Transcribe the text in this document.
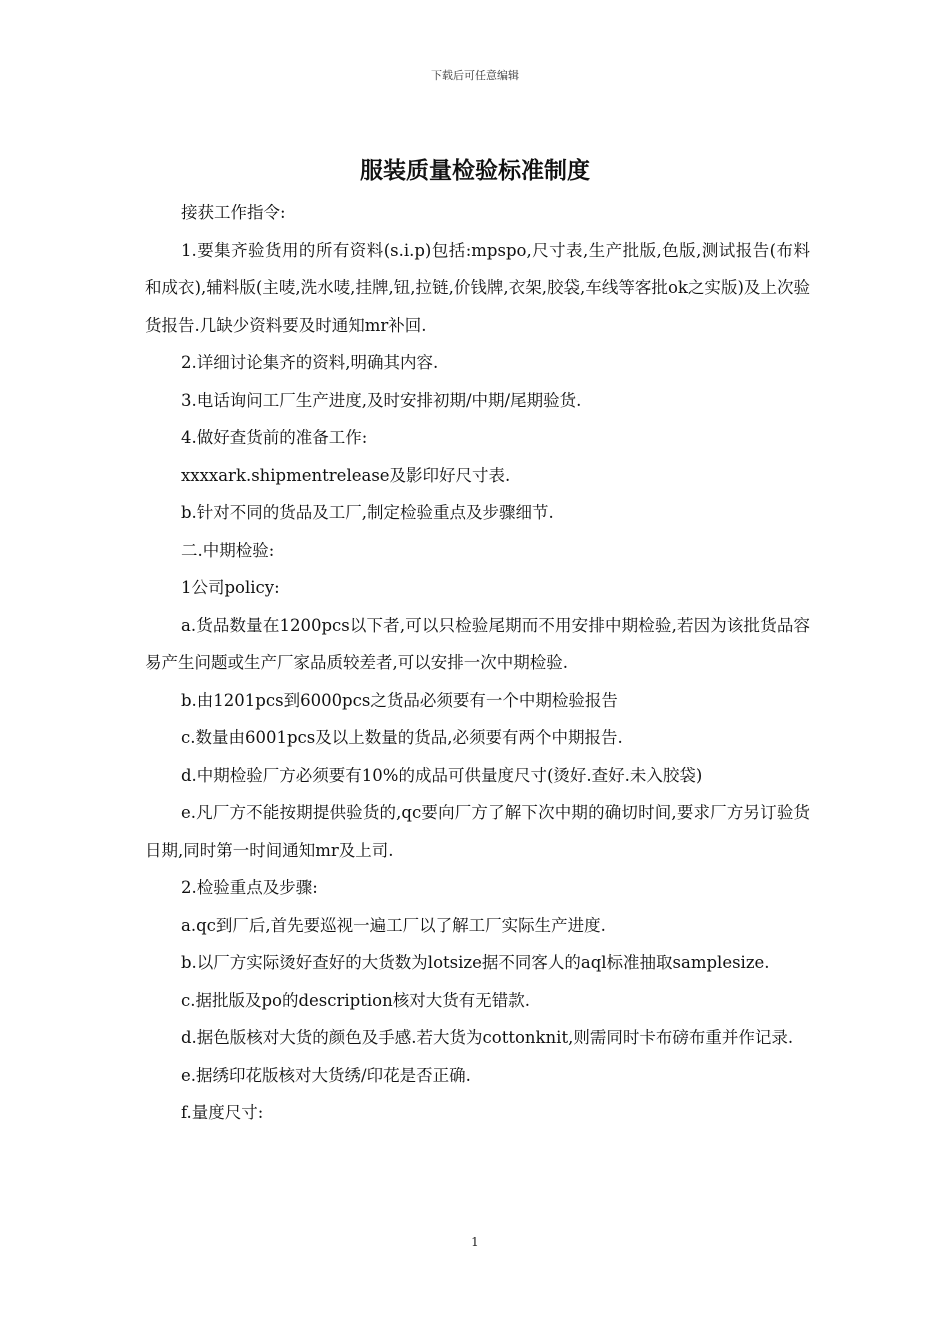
下载后可任意编辑
服装质量检验标准制度

接获工作指令:

1.要集齐验货用的所有资料(s.i.p)包括:mpspo,尺寸表,生产批版,色版,测试报告(布料和成衣),辅料版(主唛,洗水唛,挂牌,钮,拉链,价钱牌,衣架,胶袋,车线等客批ok之实版)及上次验货报告.几缺少资料要及时通知mr补回.

2.详细讨论集齐的资料,明确其内容.

3.电话询问工厂生产进度,及时安排初期/中期/尾期验货.

4.做好查货前的准备工作:

xxxxark.shipmentrelease及影印好尺寸表.

b.针对不同的货品及工厂,制定检验重点及步骤细节.

二.中期检验:

1公司policy:

a.货品数量在1200pcs以下者,可以只检验尾期而不用安排中期检验,若因为该批货品容易产生问题或生产厂家品质较差者,可以安排一次中期检验.

b.由1201pcs到6000pcs之货品必须要有一个中期检验报告

c.数量由6001pcs及以上数量的货品,必须要有两个中期报告.

d.中期检验厂方必须要有10%的成品可供量度尺寸(烫好.查好.未入胶袋)

e.凡厂方不能按期提供验货的,qc要向厂方了解下次中期的确切时间,要求厂方另订验货日期,同时第一时间通知mr及上司.

2.检验重点及步骤:

a.qc到厂后,首先要巡视一遍工厂以了解工厂实际生产进度.

b.以厂方实际烫好查好的大货数为lotsize据不同客人的aql标准抽取samplesize.

c.据批版及po的description核对大货有无错款.

d.据色版核对大货的颜色及手感.若大货为cottonknit,则需同时卡布磅布重并作记录.

e.据绣印花版核对大货绣/印花是否正确.

f.量度尺寸:

1
